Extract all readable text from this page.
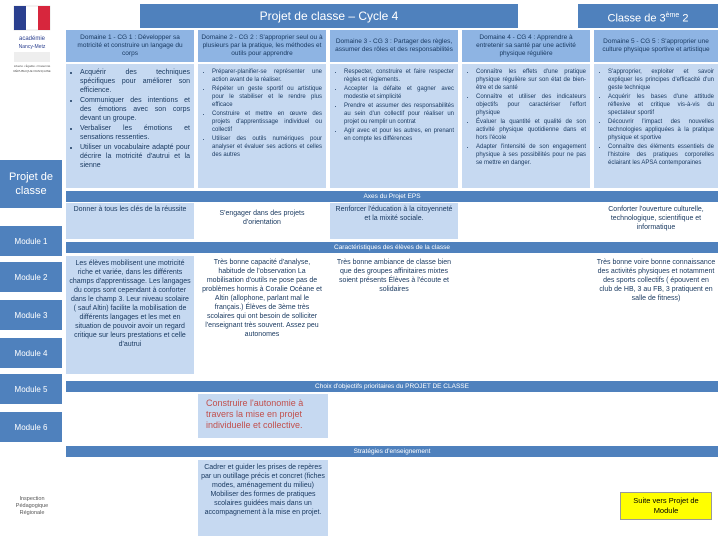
académie
Nancy-Metz
Liberté • Égalité • Fraternité
RÉPUBLIQUE FRANÇAISE
Projet de classe – Cycle 4	Classe de 3ème 2
Projet de classe
Module 1
Module 2
Module 3
Module 4
Module 5
Module 6
Domaine 1 - CG 1 : Développer sa motricité et construire un langage du corps
• Acquérir des techniques spécifiques pour améliorer son efficience.
• Communiquer des intentions et des émotions avec son corps devant un groupe.
• Verbaliser les émotions et sensations ressenties.
• Utiliser un vocabulaire adapté pour décrire la motricité d'autrui et la sienne
Domaine 2 - CG 2 : S'approprier seul ou à plusieurs par la pratique, les méthodes et outils pour apprendre
• Préparer-planifier-se représenter une action avant de la réaliser.
• Répéter un geste sportif ou artistique pour le stabiliser et le rendre plus efficace
• Construire et mettre en œuvre des projets d'apprentissage individuel ou collectif
• Utiliser des outils numériques pour analyser et évaluer ses actions et celles des autres
Domaine 3 - CG 3 : Partager des règles, assumer des rôles et des responsabilités
• Respecter, construire et faire respecter règles et règlements.
• Accepter la défaite et gagner avec modestie et simplicité
• Prendre et assumer des responsabilités au sein d'un collectif pour réaliser un projet ou remplir un contrat
• Agir avec et pour les autres, en prenant en compte les différences
Domaine 4 - CG 4 : Apprendre à entretenir sa santé par une activité physique régulière
• Connaître les effets d'une pratique physique régulière sur son état de bien-être et de santé
• Connaître et utiliser des indicateurs objectifs pour caractériser l'effort physique
• Évaluer la quantité et qualité de son activité physique quotidienne dans et hors l'école
• Adapter l'intensité de son engagement physique à ses possibilités pour ne pas se mettre en danger.
Domaine 5 - CG 5 : S'approprier une culture physique sportive et artistique
• S'approprier, exploiter et savoir expliquer les principes d'efficacité d'un geste technique
• Acquérir les bases d'une attitude réflexive et critique vis-à-vis du spectateur sportif
• Découvrir l'impact des nouvelles technologies appliquées à la pratique physique et sportive
• Connaître des éléments essentiels de l'histoire des pratiques corporelles éclairant les APSA contemporaines
Axes du Projet EPS
Donner à tous les clés de la réussite
S'engager dans des projets d'orientation
Renforcer l'éducation à la citoyenneté et la mixité sociale.
Conforter l'ouverture culturelle, technologique, scientifique et informatique
Caractéristiques des élèves de la classe
Les élèves mobilisent une motricité riche et variée, dans les différents champs d'apprentissage. Les langages du corps sont cependant à conforter dans le champ 3. Leur niveau scolaire ( sauf Altin) facilite la mobilisation de différents langages et les met en situation de pouvoir avoir un regard critique sur leurs prestations et celle d'autrui
Très bonne capacité d'analyse, habitude de l'observation La mobilisation d'outils ne pose pas de problèmes hormis à Coralie Océane et Altin (allophone, parlant mal le français.) Élèves de 3ème très scolaires qui ont besoin de solliciter l'enseignant très souvent. Assez peu autonomes
Très bonne ambiance de classe bien que des groupes affinitaires mixtes soient présents Élèves à l'écoute et solidaires
Très bonne voire bonne connaissance des activités physiques et notamment des sports collectifs ( épouvent en club de HB, 3 au FB, 3 pratiquent en salle de fitness)
Choix d'objectifs prioritaires du PROJET DE CLASSE
Construire l'autonomie à travers la mise en projet individuelle et collective.
Stratégies d'enseignement
Cadrer et guider les prises de repères par un outillage précis et concret (fiches modes, aménagement du milieu) Mobiliser des formes de pratiques scolaires guidées mais dans un accompagnement à la mise en projet.
Inspection Pédagogique Régionale
Suite vers Projet de Module
